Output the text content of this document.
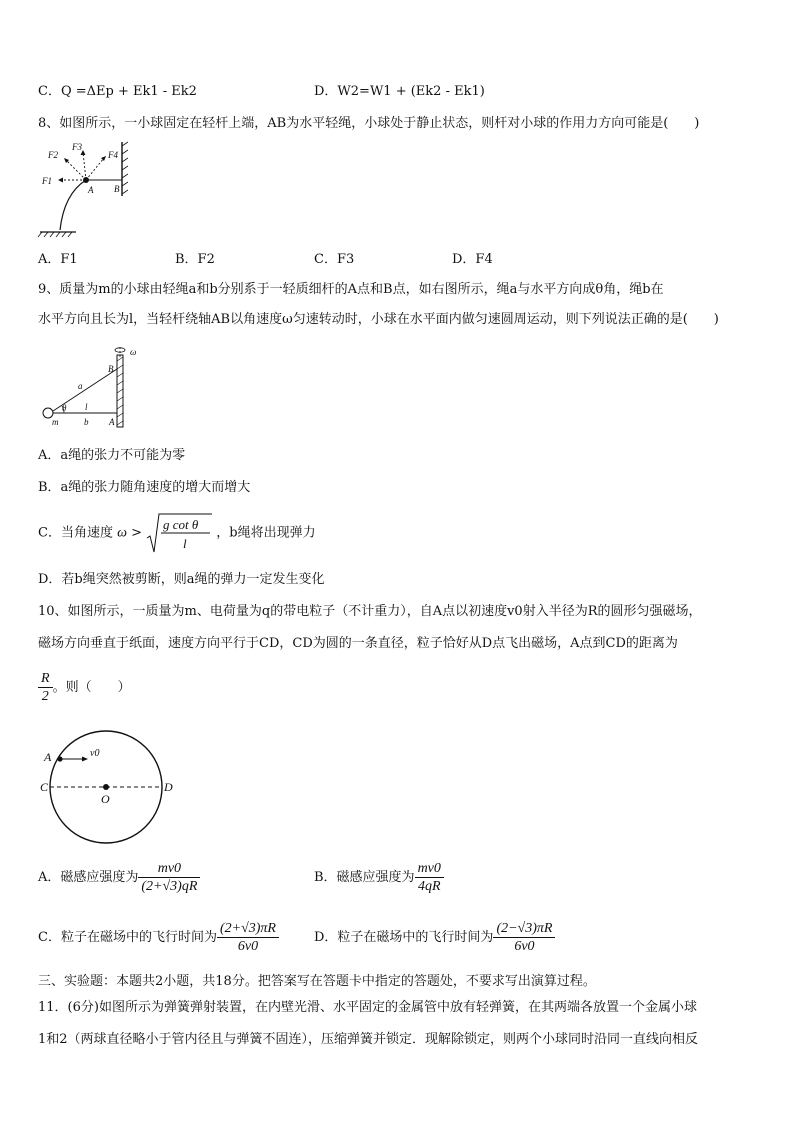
C．Q =ΔEp + Ek1 - Ek2	D．W2=W1 + (Ek2 - Ek1)
8、如图所示，一小球固定在轻杆上端，AB为水平轻绳，小球处于静止状态，则杆对小球的作用力方向可能是(　　)
F1
F2
F3
F4
A B
A．F1	B．F2	C．F3	D．F4
9、质量为m的小球由轻绳a和b分别系于一轻质细杆的A点和B点，如右图所示，绳a与水平方向成θ角，绳b在
水平方向且长为l，当轻杆绕轴AB以角速度ω匀速转动时，小球在水平面内做匀速圆周运动，则下列说法正确的是(　　)
ω
B
a
θ l
m	b A
A．a绳的张力不可能为零
B．a绳的张力随角速度的增大而增大
C．当角速度 ω >
g cot θ
l
，b绳将出现弹力
D．若b绳突然被剪断，则a绳的弹力一定发生变化
10、如图所示，一质量为m、电荷量为q的带电粒子（不计重力），自A点以初速度v0射入半径为R的圆形匀强磁场，
磁场方向垂直于纸面，速度方向平行于CD，CD为圆的一条直径，粒子恰好从D点飞出磁场，A点到CD的距离为
$\frac{R}{2}$ 。则（　　）
A	v0
C
O
D
A．磁感应强度为 $\frac{mv0}{(2+√3)qR}$	B．磁感应强度为 $\frac{mv0}{4qR}$
C．粒子在磁场中的飞行时间为 $\frac{(2+√3)\pi R}{6v0}$	D．粒子在磁场中的飞行时间为 $\frac{(2-√3)\pi R}{6v0}$
三、实验题：本题共2小题，共18分。把答案写在答题卡中指定的答题处，不要求写出演算过程。
11．(6分)如图所示为弹簧弹射装置，在内壁光滑、水平固定的金属管中放有轻弹簧，在其两端各放置一个金属小球
1和2（两球直径略小于管内径且与弹簧不固连），压缩弹簧并锁定．现解除锁定，则两个小球同时沿同一直线向相反
